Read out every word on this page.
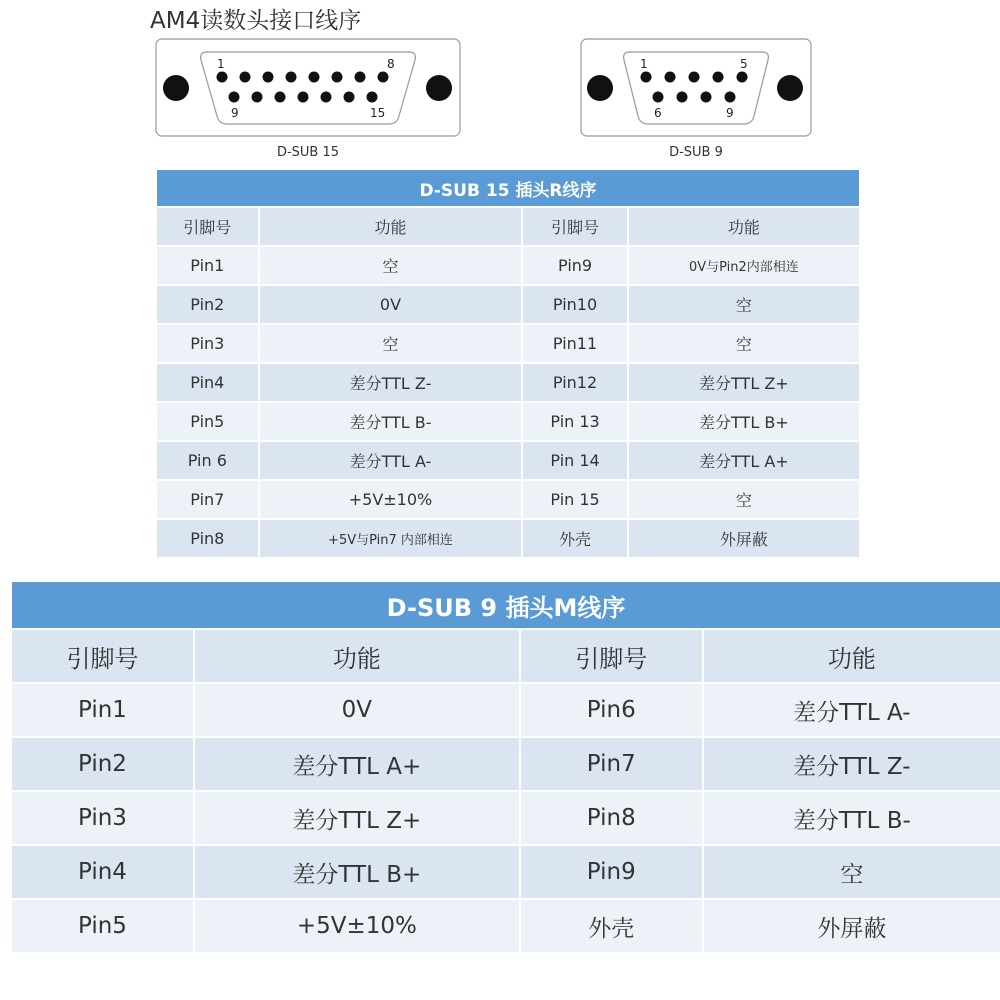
AM4读数头接口线序
1	8
9	15
D-SUB 15
1	5
6	9
D-SUB 9
D-SUB 15 插头R线序			
引脚号	功能	引脚号	功能
Pin1	空	Pin9	0V与Pin2内部相连
Pin2	0V	Pin10	空
Pin3	空	Pin11	空
Pin4	差分TTL Z-	Pin12	差分TTL Z+
Pin5	差分TTL B-	Pin 13	差分TTL B+
Pin 6	差分TTL A-	Pin 14	差分TTL A+
Pin7	+5V±10%	Pin 15	空
Pin8	+5V与Pin7 内部相连	外壳	外屏蔽
D-SUB 9 插头M线序			
引脚号	功能	引脚号	功能
Pin1	0V	Pin6	差分TTL A-
Pin2	差分TTL A+	Pin7	差分TTL Z-
Pin3	差分TTL Z+	Pin8	差分TTL B-
Pin4	差分TTL B+	Pin9	空
Pin5	+5V±10%	外壳	外屏蔽
